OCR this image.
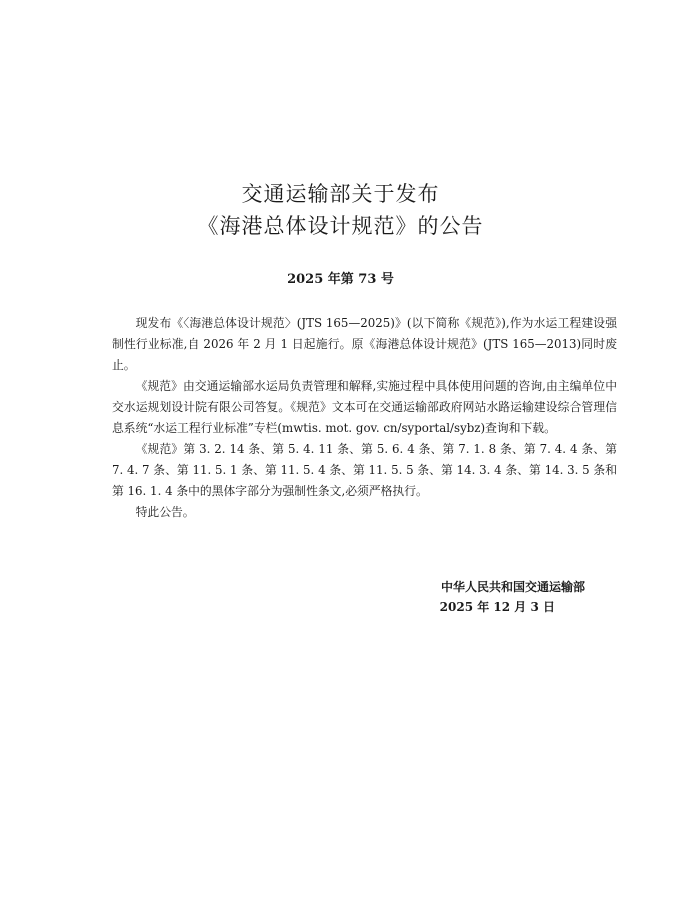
交通运输部关于发布
《海港总体设计规范》的公告
2025 年第 73 号

现发布《〈海港总体设计规范〉(JTS 165—2025)》(以下简称《规范》),作为水运工程建设强制性行业标准,自 2026 年 2 月 1 日起施行。原《海港总体设计规范》(JTS 165—2013)同时废止。

《规范》由交通运输部水运局负责管理和解释,实施过程中具体使用问题的咨询,由主编单位中交水运规划设计院有限公司答复。《规范》文本可在交通运输部政府网站水路运输建设综合管理信息系统“水运工程行业标准”专栏(mwtis. mot. gov. cn/syportal/sybz)查询和下载。

《规范》第 3. 2. 14 条、第 5. 4. 11 条、第 5. 6. 4 条、第 7. 1. 8 条、第 7. 4. 4 条、第 7. 4. 7 条、第 11. 5. 1 条、第 11. 5. 4 条、第 11. 5. 5 条、第 14. 3. 4 条、第 14. 3. 5 条和第 16. 1. 4 条中的黑体字部分为强制性条文,必须严格执行。

特此公告。

中华人民共和国交通运输部
2025 年 12 月 3 日
